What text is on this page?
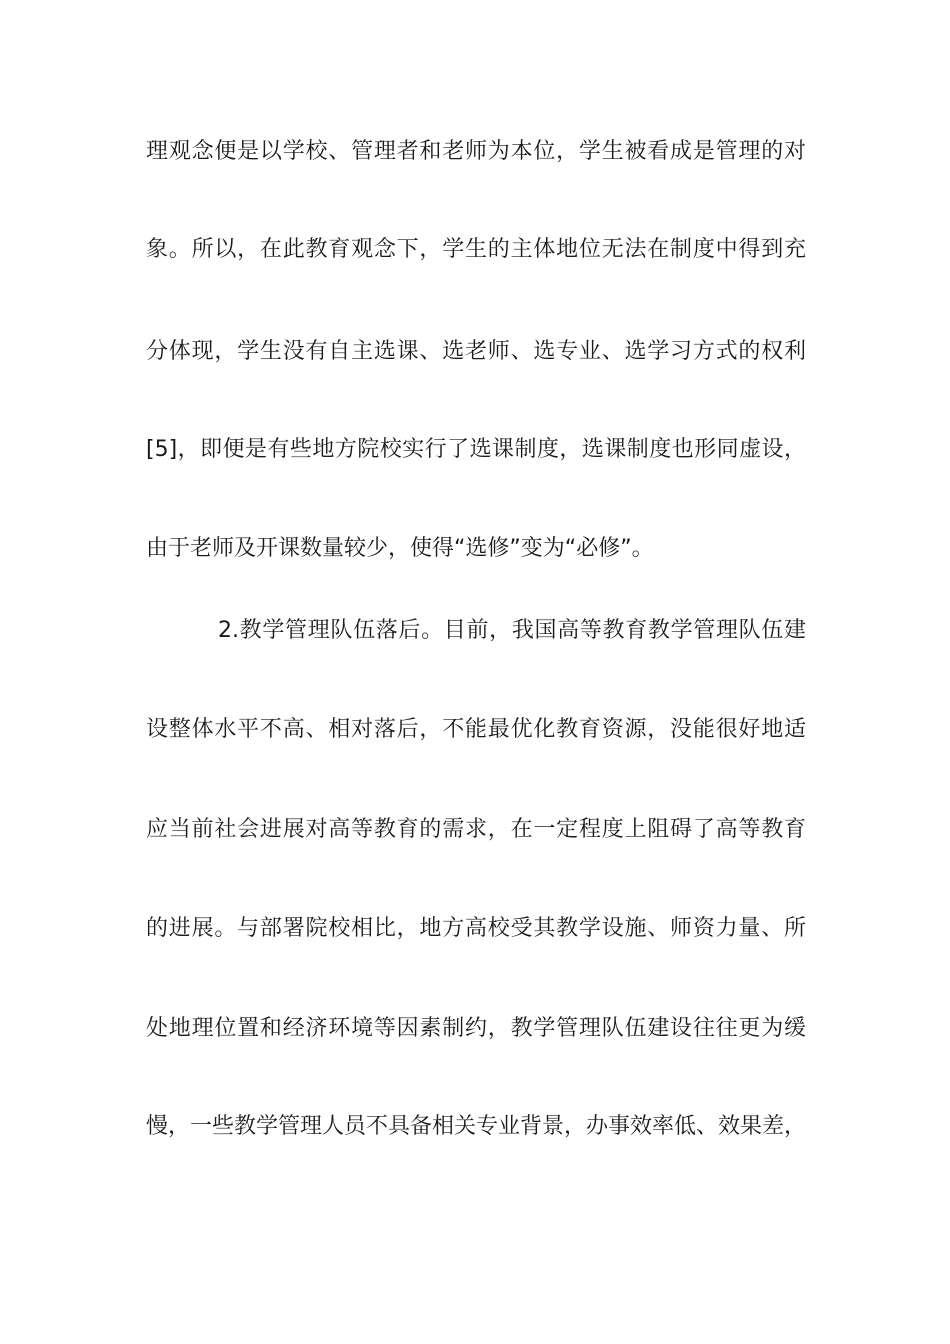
理观念便是以学校、管理者和老师为本位，学生被看成是管理的对
象。所以，在此教育观念下，学生的主体地位无法在制度中得到充
分体现，学生没有自主选课、选老师、选专业、选学习方式的权利
[5]，即便是有些地方院校实行了选课制度，选课制度也形同虚设，
由于老师及开课数量较少，使得“选修”变为“必修”。
2.教学管理队伍落后。目前，我国高等教育教学管理队伍建
设整体水平不高、相对落后，不能最优化教育资源，没能很好地适
应当前社会进展对高等教育的需求，在一定程度上阻碍了高等教育
的进展。与部署院校相比，地方高校受其教学设施、师资力量、所
处地理位置和经济环境等因素制约，教学管理队伍建设往往更为缓
慢，一些教学管理人员不具备相关专业背景，办事效率低、效果差，
